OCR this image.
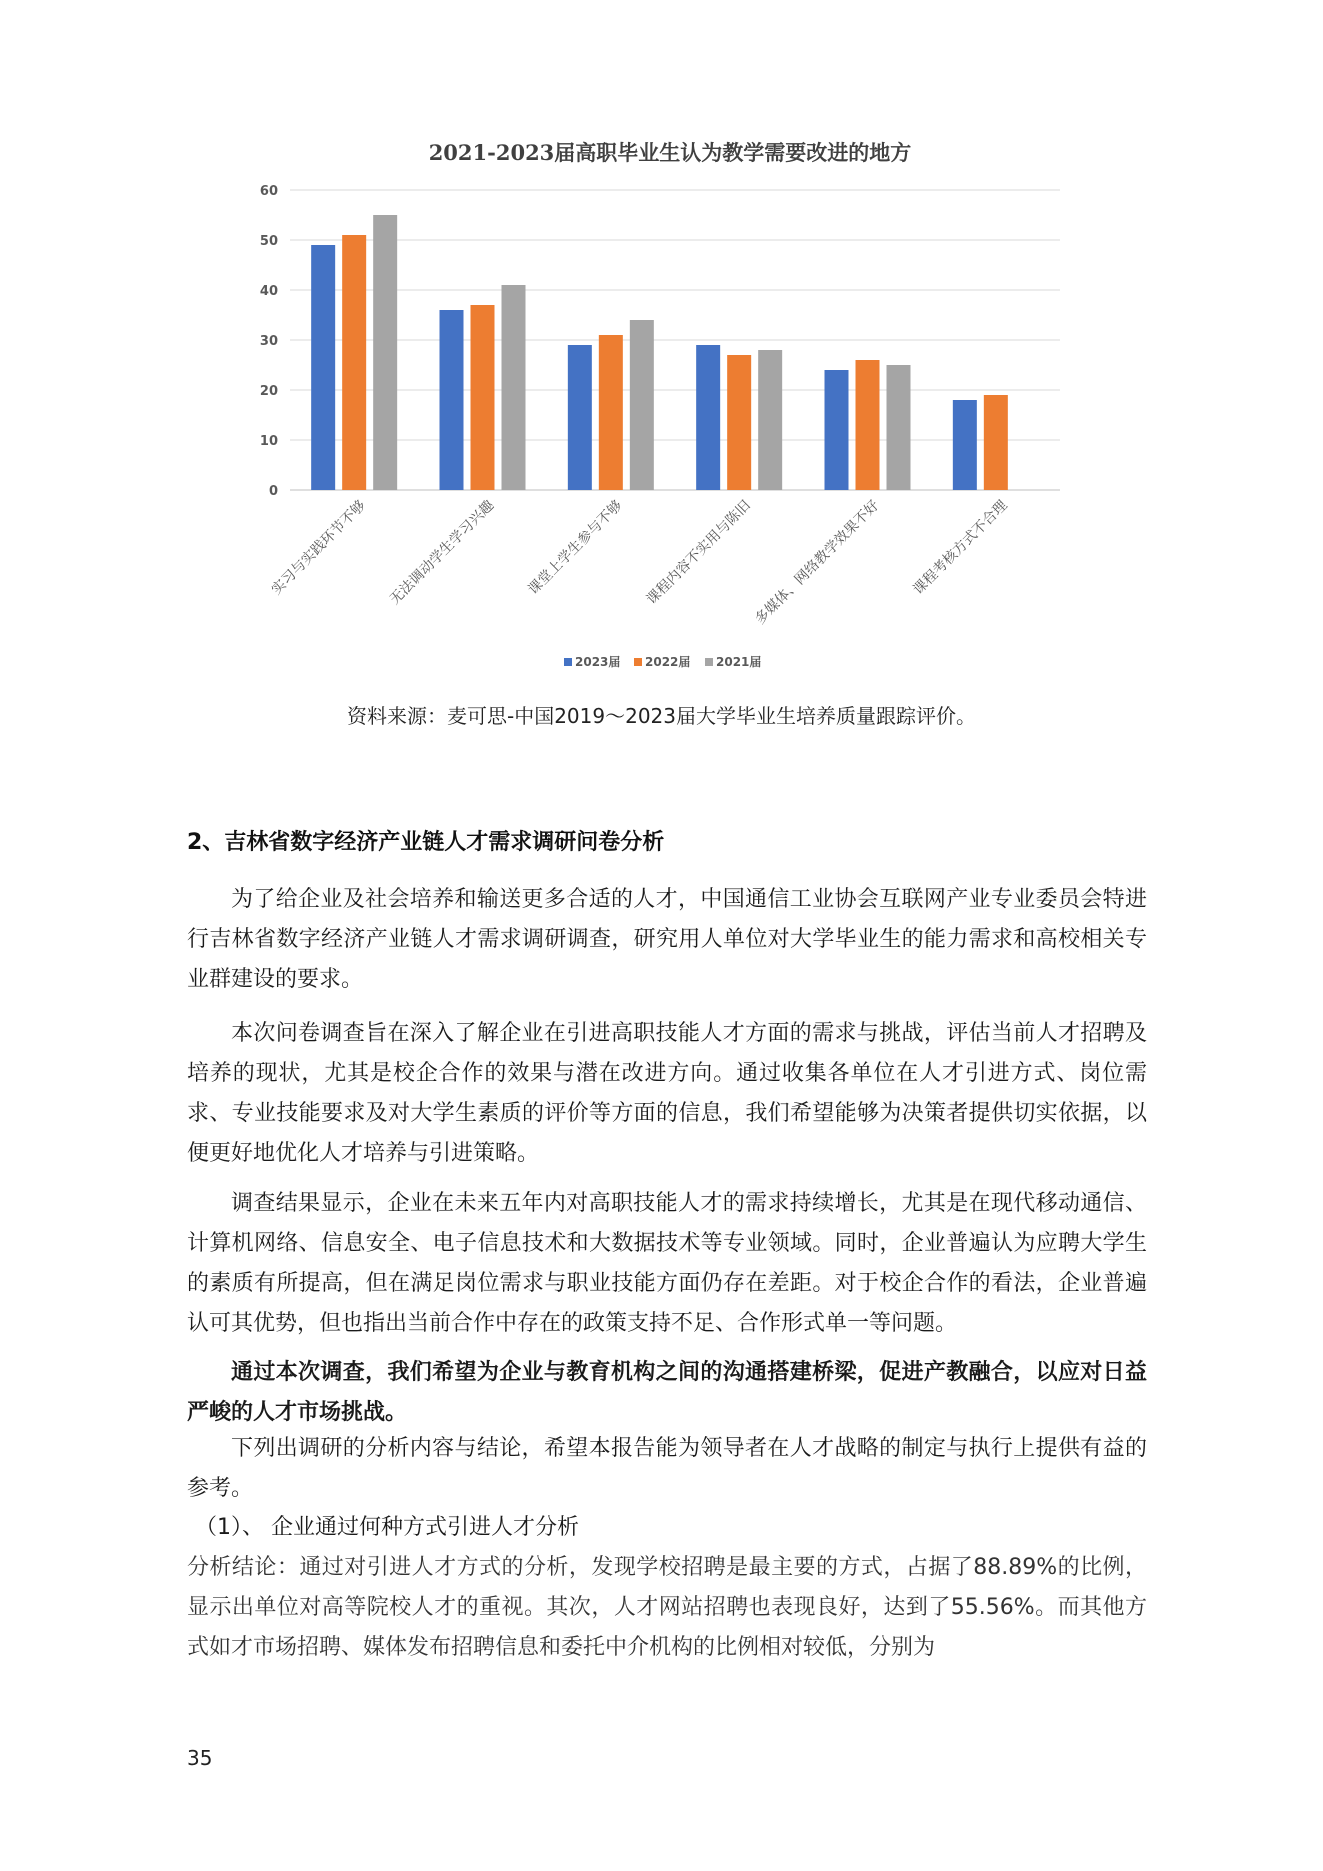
2021-2023届高职毕业生认为教学需要改进的地方
0
10
20
30
40
50
60
实习与实践环节不够 无法调动学生学习兴趣 课堂上学生参与不够 课程内容不实用与陈旧
多媒体、网络教学效果不好 课程考核方式不合理
2023届 2022届 2021届
资料来源：麦可思-中国2019～2023届大学毕业生培养质量跟踪评价。
2、吉林省数字经济产业链人才需求调研问卷分析

为了给企业及社会培养和输送更多合适的人才，中国通信工业协会互联网产业专业委员会特进行吉林省数字经济产业链人才需求调研调查，研究用人单位对大学毕业生的能力需求和高校相关专业群建设的要求。

本次问卷调查旨在深入了解企业在引进高职技能人才方面的需求与挑战，评估当前人才招聘及培养的现状，尤其是校企合作的效果与潜在改进方向。通过收集各单位在人才引进方式、岗位需求、专业技能要求及对大学生素质的评价等方面的信息，我们希望能够为决策者提供切实依据，以便更好地优化人才培养与引进策略。

调查结果显示，企业在未来五年内对高职技能人才的需求持续增长，尤其是在现代移动通信、计算机网络、信息安全、电子信息技术和大数据技术等专业领域。同时，企业普遍认为应聘大学生的素质有所提高，但在满足岗位需求与职业技能方面仍存在差距。对于校企合作的看法，企业普遍认可其优势，但也指出当前合作中存在的政策支持不足、合作形式单一等问题。

通过本次调查，我们希望为企业与教育机构之间的沟通搭建桥梁，促进产教融合，以应对日益严峻的人才市场挑战。

下列出调研的分析内容与结论，希望本报告能为领导者在人才战略的制定与执行上提供有益的参考。

（1）、 企业通过何种方式引进人才分析

分析结论：通过对引进人才方式的分析，发现学校招聘是最主要的方式，占据了88.89%的比例，显示出单位对高等院校人才的重视。其次，人才网站招聘也表现良好，达到了55.56%。而其他方式如才市场招聘、媒体发布招聘信息和委托中介机构的比例相对较低，分别为

35
